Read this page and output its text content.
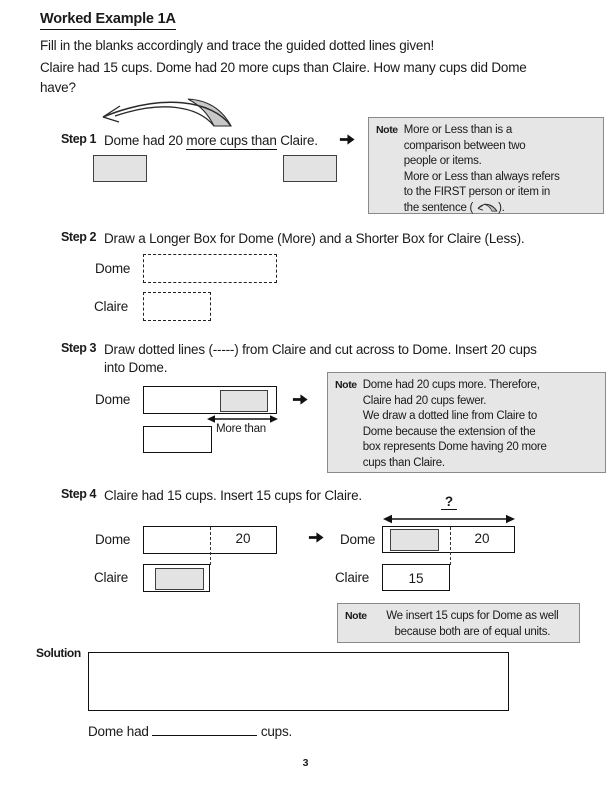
Worked Example 1A
Fill in the blanks accordingly and trace the guided dotted lines given!
Claire had 15 cups. Dome had 20 more cups than Claire. How many cups did Dome
have?
Step 1 Dome had 20 more cups than Claire.
Note More or Less than is a
comparison between two
people or items.
More or Less than always refers
to the FIRST person or item in
the sentence ( ).
Step 2 Draw a Longer Box for Dome (More) and a Shorter Box for Claire (Less).
Dome
Claire
Step 3 Draw dotted lines (-----) from Claire and cut across to Dome. Insert 20 cups
into Dome.
Dome
More than
Note Dome had 20 cups more. Therefore,
Claire had 20 cups fewer.
We draw a dotted line from Claire to
Dome because the extension of the
box represents Dome having 20 more
cups than Claire.
Step 4 Claire had 15 cups. Insert 15 cups for Claire.
Dome	20
Claire
?
Dome	20
15
Claire
Note	We insert 15 cups for Dome as well
because both are of equal units.
Solution
Dome had	cups.
3
